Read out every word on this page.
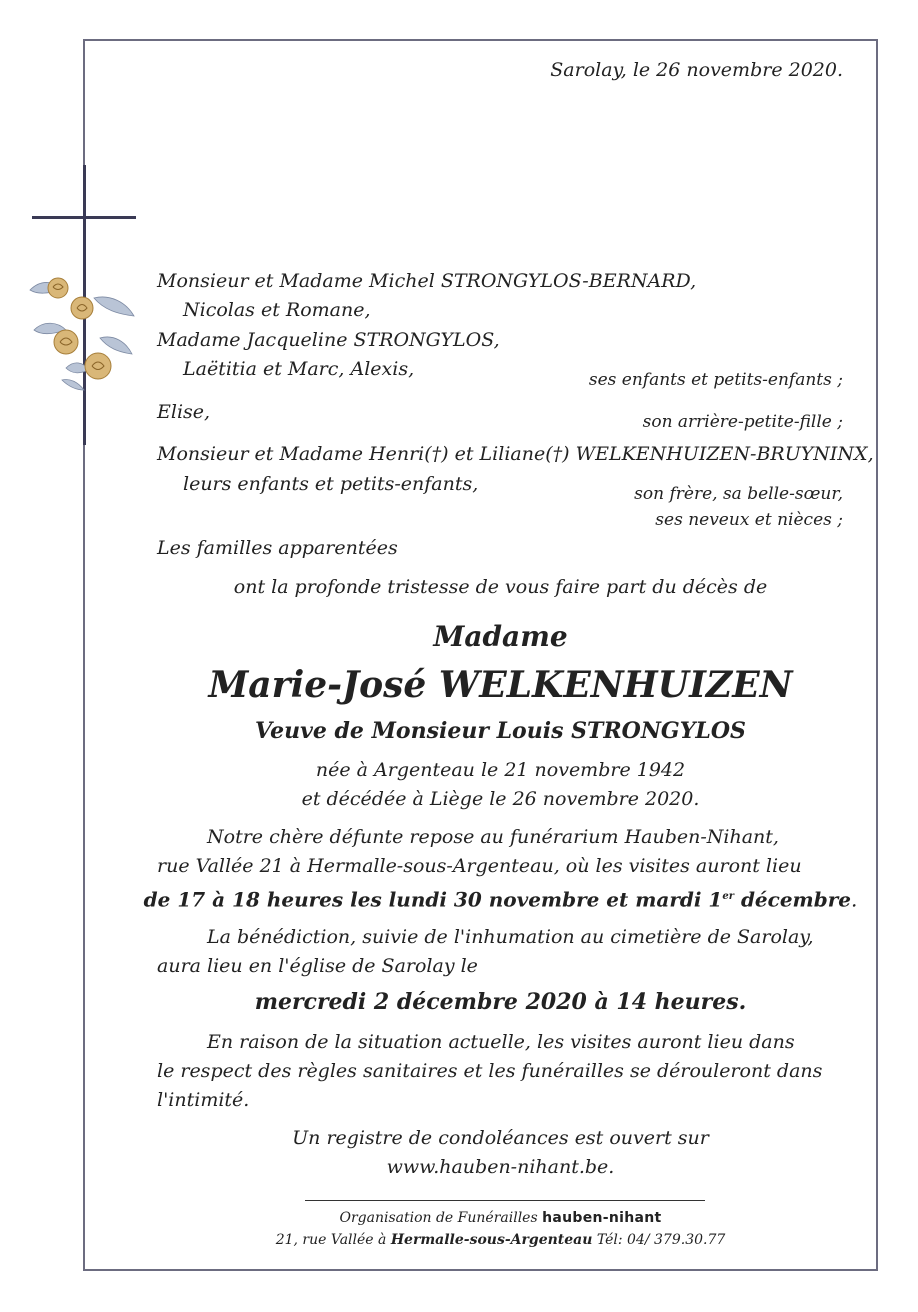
Sarolay, le 26 novembre 2020.
Monsieur et Madame Michel STRONGYLOS-BERNARD,
Nicolas et Romane,
Madame Jacqueline STRONGYLOS,
Laëtitia et Marc, Alexis,	ses enfants et petits-enfants ;
Elise,	son arrière-petite-fille ;
Monsieur et Madame Henri(†) et Liliane(†) WELKENHUIZEN-BRUYNINX,
leurs enfants et petits-enfants,	son frère, sa belle-sœur,
ses neveux et nièces ;
Les familles apparentées
ont la profonde tristesse de vous faire part du décès de
Madame
Marie-José WELKENHUIZEN
Veuve de Monsieur Louis STRONGYLOS
née à Argenteau le 21 novembre 1942
et décédée à Liège le 26 novembre 2020.
Notre chère défunte repose au funérarium Hauben-Nihant,
rue Vallée 21 à Hermalle-sous-Argenteau, où les visites auront lieu
de 17 à 18 heures les lundi 30 novembre et mardi 1er décembre.
La bénédiction, suivie de l'inhumation au cimetière de Sarolay,
aura lieu en l'église de Sarolay le
mercredi 2 décembre 2020 à 14 heures.
En raison de la situation actuelle, les visites auront lieu dans
le respect des règles sanitaires et les funérailles se dérouleront dans
l'intimité.
Un registre de condoléances est ouvert sur
www.hauben-nihant.be.
Organisation de Funérailles hauben-nihant
21, rue Vallée à Hermalle-sous-Argenteau Tél: 04/ 379.30.77
